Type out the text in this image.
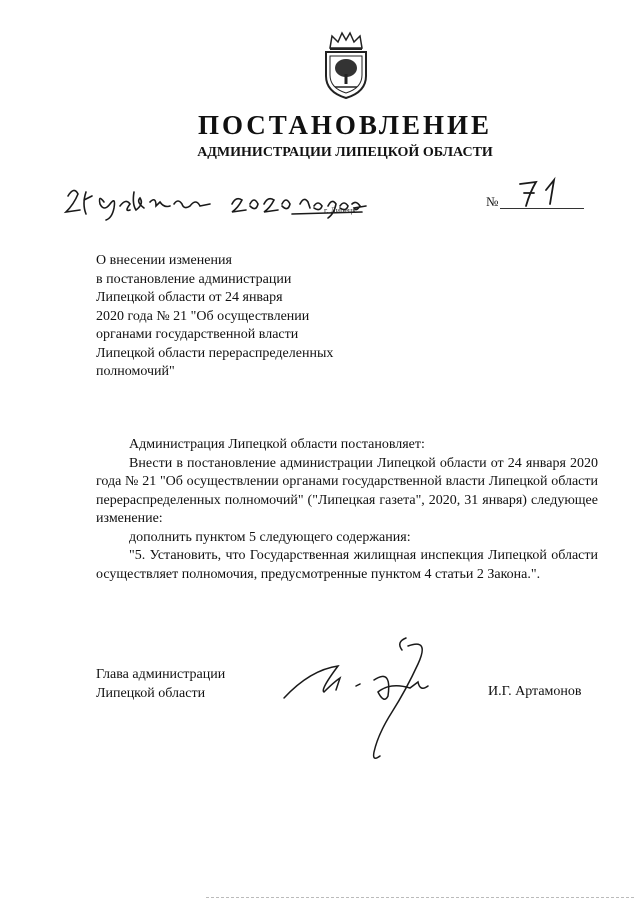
ПОСТАНОВЛЕНИЕ
АДМИНИСТРАЦИИ ЛИПЕЦКОЙ ОБЛАСТИ
г. Липецк
№
О внесении изменения
в постановление администрации
Липецкой области от 24 января
2020 года № 21 "Об осуществлении
органами государственной власти
Липецкой области перераспределенных
полномочий"

Администрация Липецкой области постановляет:

Внести в постановление администрации Липецкой области от 24 января 2020 года № 21 "Об осуществлении органами государственной власти Липецкой области перераспределенных полномочий" ("Липецкая газета", 2020, 31 января) следующее изменение:

дополнить пунктом 5 следующего содержания:

"5. Установить, что Государственная жилищная инспекция Липецкой области осуществляет полномочия, предусмотренные пунктом 4 статьи 2 Закона.".

Глава администрации
Липецкой области	И.Г. Артамонов
